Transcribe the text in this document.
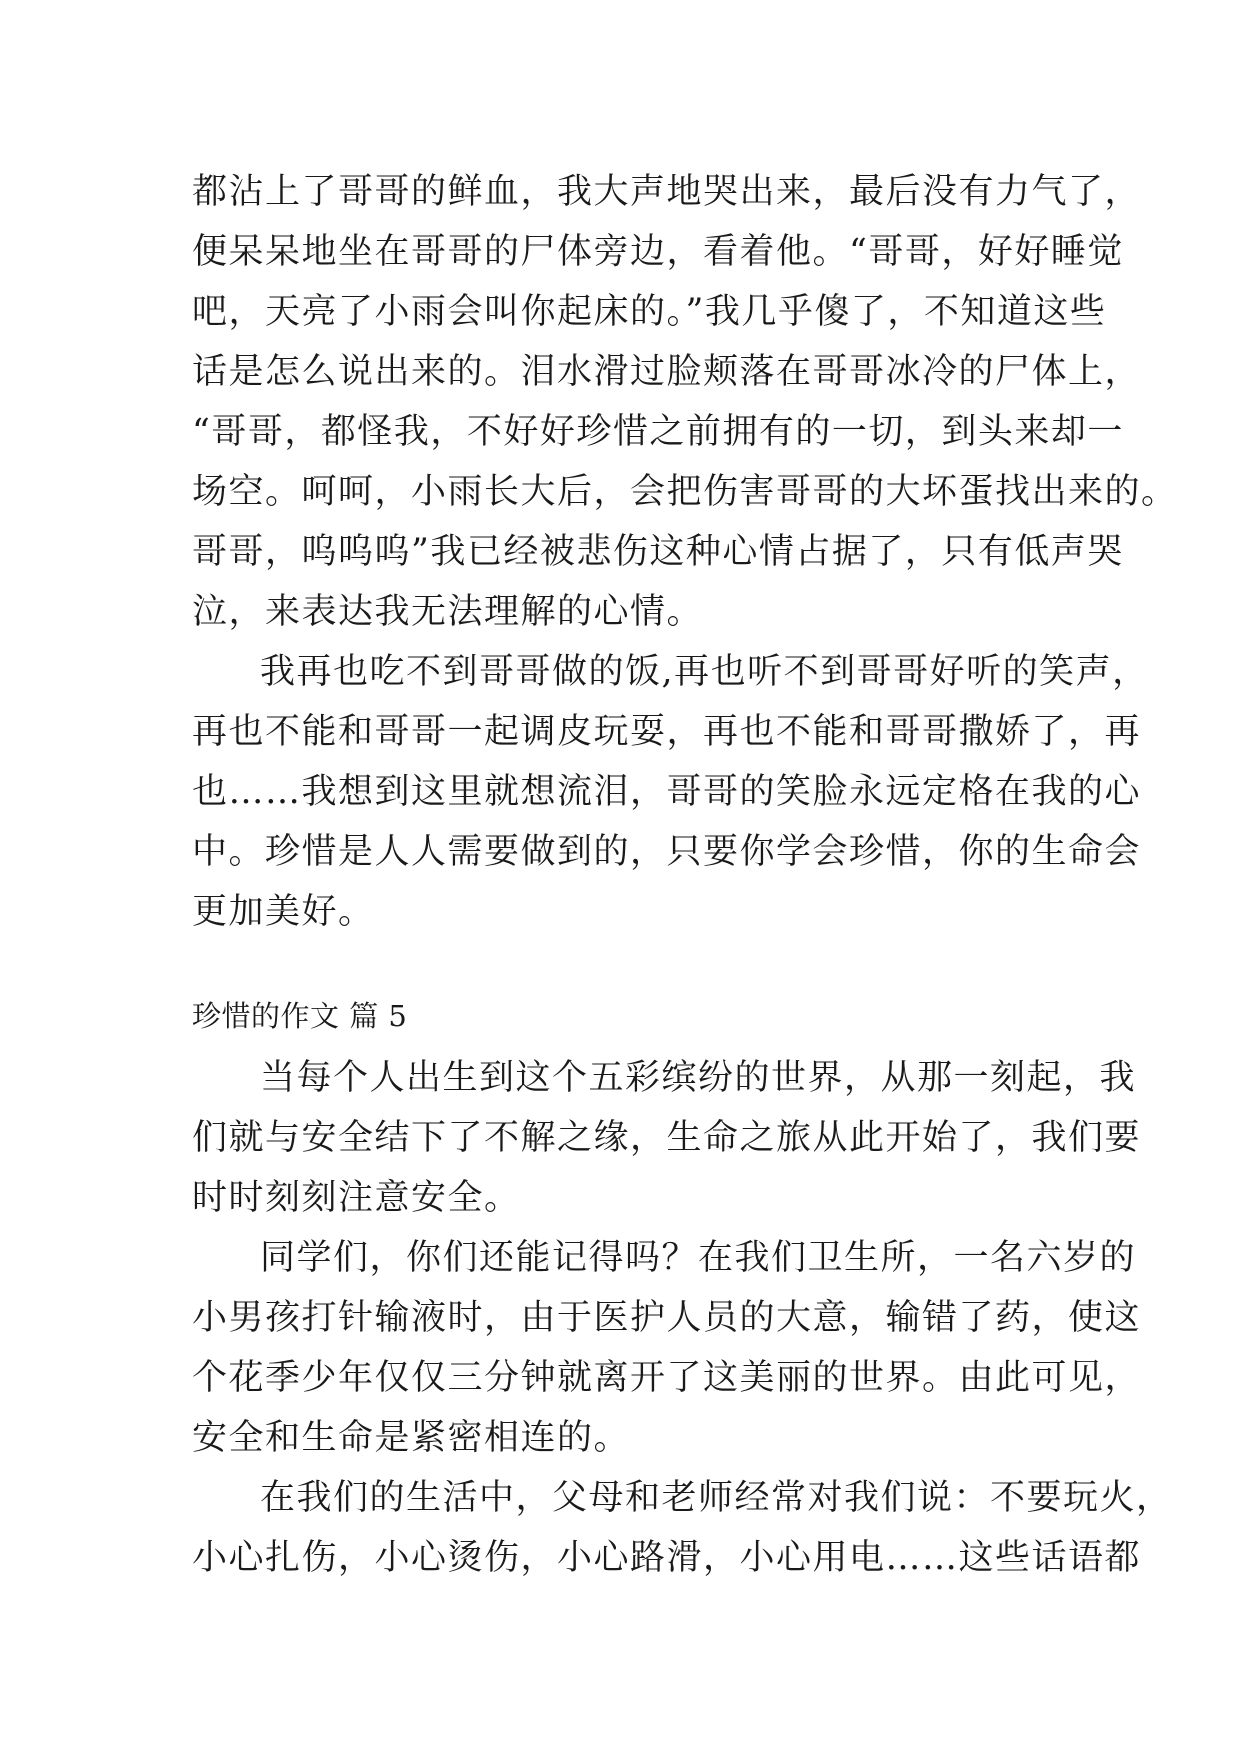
都沾上了哥哥的鲜血，我大声地哭出来，最后没有力气了，
便呆呆地坐在哥哥的尸体旁边，看着他。“哥哥，好好睡觉
吧，天亮了小雨会叫你起床的。”我几乎傻了，不知道这些
话是怎么说出来的。泪水滑过脸颊落在哥哥冰冷的尸体上，
“哥哥，都怪我，不好好珍惜之前拥有的一切，到头来却一
场空。呵呵，小雨长大后，会把伤害哥哥的大坏蛋找出来的。
哥哥，呜呜呜”我已经被悲伤这种心情占据了，只有低声哭
泣，来表达我无法理解的心情。
我再也吃不到哥哥做的饭,再也听不到哥哥好听的笑声，
再也不能和哥哥一起调皮玩耍，再也不能和哥哥撒娇了，再
也……我想到这里就想流泪，哥哥的笑脸永远定格在我的心
中。珍惜是人人需要做到的，只要你学会珍惜，你的生命会
更加美好。
珍惜的作文 篇 5
当每个人出生到这个五彩缤纷的世界，从那一刻起，我
们就与安全结下了不解之缘，生命之旅从此开始了，我们要
时时刻刻注意安全。
同学们，你们还能记得吗？在我们卫生所，一名六岁的
小男孩打针输液时，由于医护人员的大意，输错了药，使这
个花季少年仅仅三分钟就离开了这美丽的世界。由此可见，
安全和生命是紧密相连的。
在我们的生活中，父母和老师经常对我们说：不要玩火，
小心扎伤，小心烫伤，小心路滑，小心用电……这些话语都
